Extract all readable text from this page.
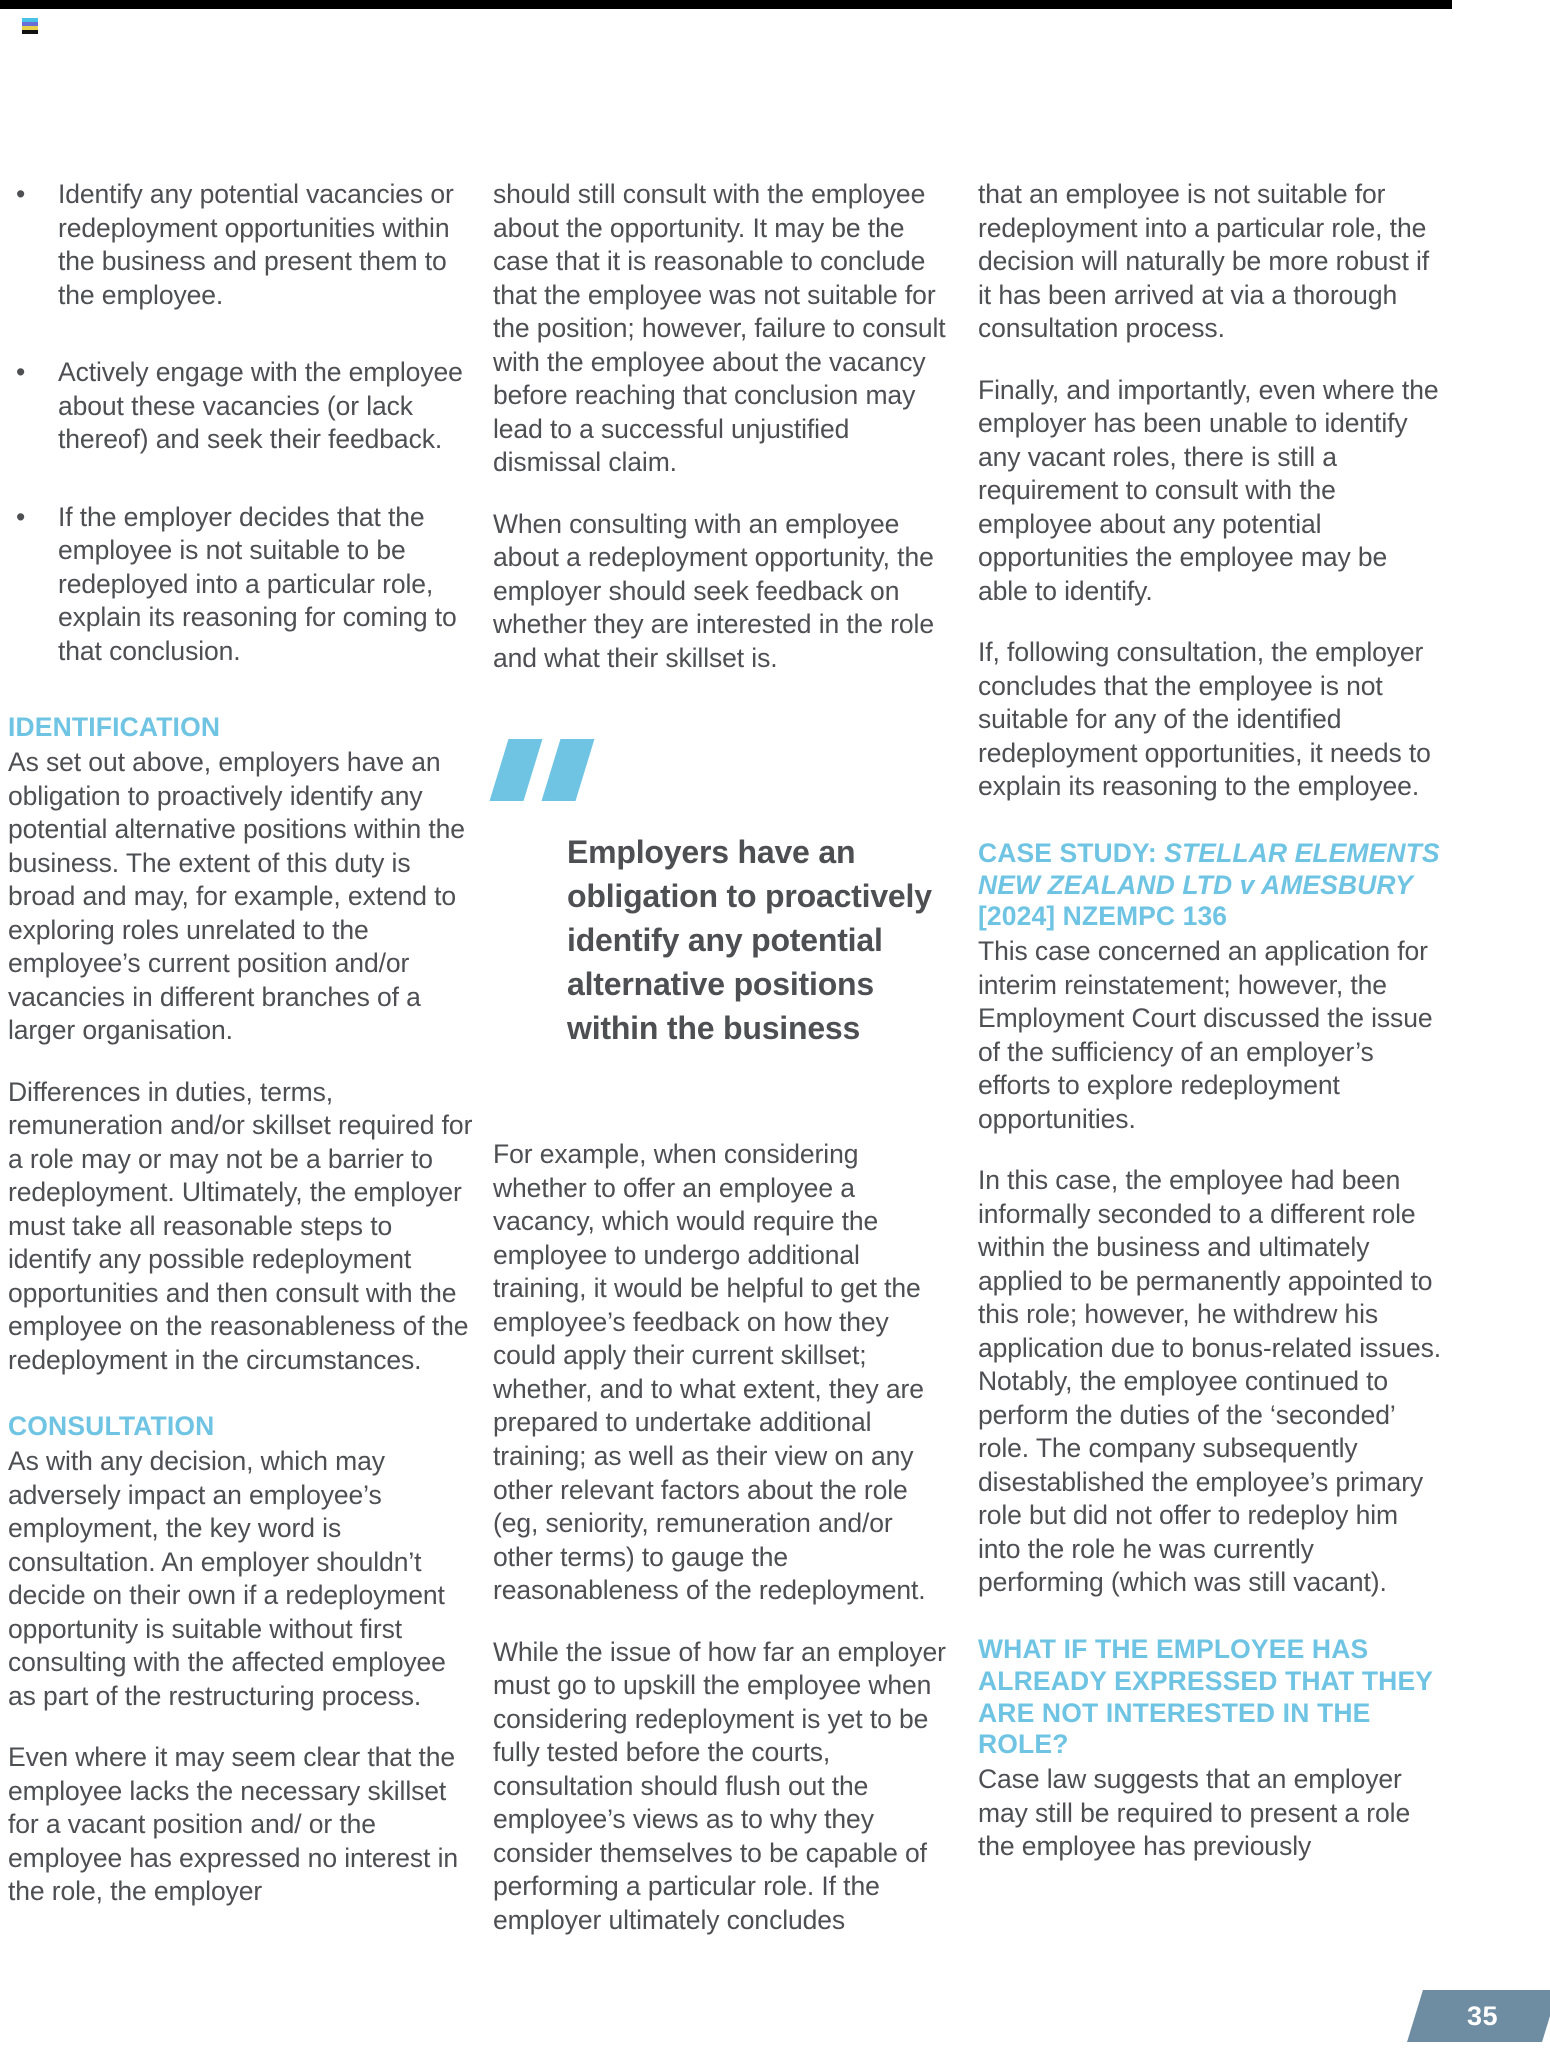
• Identify any potential vacancies or redeployment opportunities within the business and present them to the employee.
• Actively engage with the employee about these vacancies (or lack thereof) and seek their feedback.
• If the employer decides that the employee is not suitable to be redeployed into a particular role, explain its reasoning for coming to that conclusion.
IDENTIFICATION

As set out above, employers have an obligation to proactively identify any potential alternative positions within the business. The extent of this duty is broad and may, for example, extend to exploring roles unrelated to the employee’s current position and/or vacancies in different branches of a larger organisation.

Differences in duties, terms, remuneration and/or skillset required for a role may or may not be a barrier to redeployment. Ultimately, the employer must take all reasonable steps to identify any possible redeployment opportunities and then consult with the employee on the reasonableness of the redeployment in the circumstances.

CONSULTATION

As with any decision, which may adversely impact an employee’s employment, the key word is consultation. An employer shouldn’t decide on their own if a redeployment opportunity is suitable without first consulting with the affected employee as part of the restructuring process.

Even where it may seem clear that the employee lacks the necessary skillset for a vacant position and/ or the employee has expressed no interest in the role, the employer

should still consult with the employee about the opportunity. It may be the case that it is reasonable to conclude that the employee was not suitable for the position; however, failure to consult with the employee about the vacancy before reaching that conclusion may lead to a successful unjustified dismissal claim.

When consulting with an employee about a redeployment opportunity, the employer should seek feedback on whether they are interested in the role and what their skillset is.

Employers have an obligation to proactively identify any potential alternative positions within the business

For example, when considering whether to offer an employee a vacancy, which would require the employee to undergo additional training, it would be helpful to get the employee’s feedback on how they could apply their current skillset; whether, and to what extent, they are prepared to undertake additional training; as well as their view on any other relevant factors about the role (eg, seniority, remuneration and/or other terms) to gauge the reasonableness of the redeployment.

While the issue of how far an employer must go to upskill the employee when considering redeployment is yet to be fully tested before the courts, consultation should flush out the employee’s views as to why they consider themselves to be capable of performing a particular role. If the employer ultimately concludes

that an employee is not suitable for redeployment into a particular role, the decision will naturally be more robust if it has been arrived at via a thorough consultation process.

Finally, and importantly, even where the employer has been unable to identify any vacant roles, there is still a requirement to consult with the employee about any potential opportunities the employee may be able to identify.

If, following consultation, the employer concludes that the employee is not suitable for any of the identified redeployment opportunities, it needs to explain its reasoning to the employee.

CASE STUDY: STELLAR ELEMENTS NEW ZEALAND LTD v AMESBURY [2024] NZEMPC 136

This case concerned an application for interim reinstatement; however, the Employment Court discussed the issue of the sufficiency of an employer’s efforts to explore redeployment opportunities.

In this case, the employee had been informally seconded to a different role within the business and ultimately applied to be permanently appointed to this role; however, he withdrew his application due to bonus-related issues. Notably, the employee continued to perform the duties of the ‘seconded’ role. The company subsequently disestablished the employee’s primary role but did not offer to redeploy him into the role he was currently performing (which was still vacant).

WHAT IF THE EMPLOYEE HAS ALREADY EXPRESSED THAT THEY ARE NOT INTERESTED IN THE ROLE?

Case law suggests that an employer may still be required to present a role the employee has previously

35
